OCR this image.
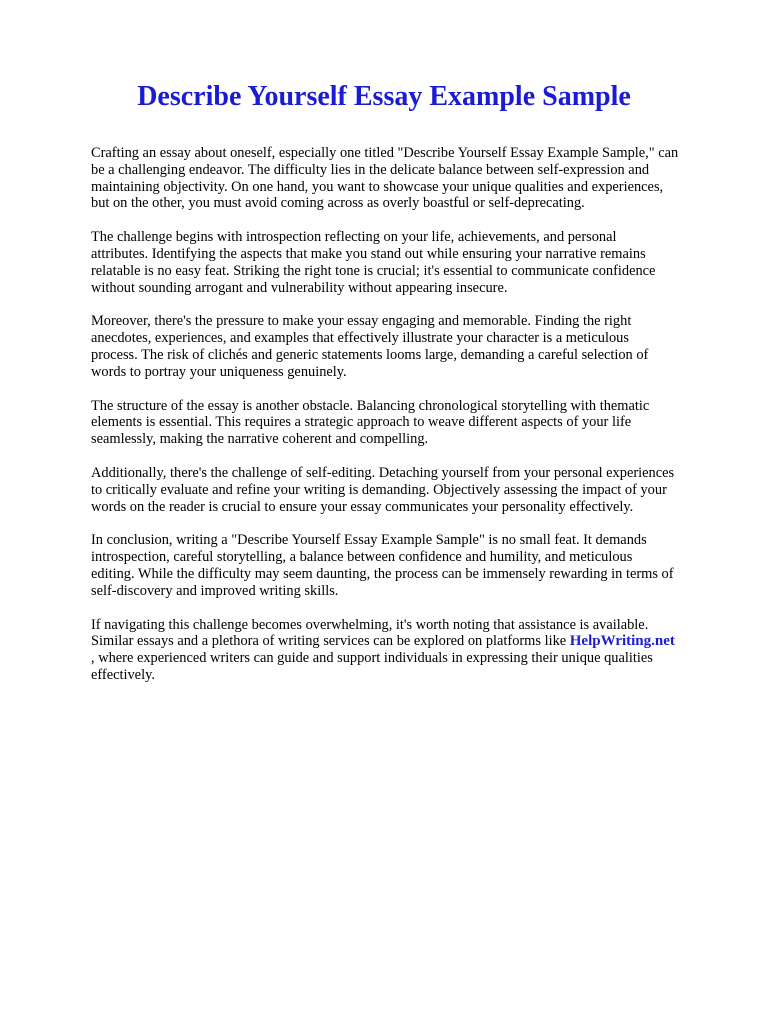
Describe Yourself Essay Example Sample

Crafting an essay about oneself, especially one titled "Describe Yourself Essay Example Sample," can
be a challenging endeavor. The difficulty lies in the delicate balance between self-expression and
maintaining objectivity. On one hand, you want to showcase your unique qualities and experiences,
but on the other, you must avoid coming across as overly boastful or self-deprecating.

The challenge begins with introspection reflecting on your life, achievements, and personal
attributes. Identifying the aspects that make you stand out while ensuring your narrative remains
relatable is no easy feat. Striking the right tone is crucial; it's essential to communicate confidence
without sounding arrogant and vulnerability without appearing insecure.

Moreover, there's the pressure to make your essay engaging and memorable. Finding the right
anecdotes, experiences, and examples that effectively illustrate your character is a meticulous
process. The risk of clichés and generic statements looms large, demanding a careful selection of
words to portray your uniqueness genuinely.

The structure of the essay is another obstacle. Balancing chronological storytelling with thematic
elements is essential. This requires a strategic approach to weave different aspects of your life
seamlessly, making the narrative coherent and compelling.

Additionally, there's the challenge of self-editing. Detaching yourself from your personal experiences
to critically evaluate and refine your writing is demanding. Objectively assessing the impact of your
words on the reader is crucial to ensure your essay communicates your personality effectively.

In conclusion, writing a "Describe Yourself Essay Example Sample" is no small feat. It demands
introspection, careful storytelling, a balance between confidence and humility, and meticulous
editing. While the difficulty may seem daunting, the process can be immensely rewarding in terms of
self-discovery and improved writing skills.

If navigating this challenge becomes overwhelming, it's worth noting that assistance is available.
Similar essays and a plethora of writing services can be explored on platforms like HelpWriting.net
, where experienced writers can guide and support individuals in expressing their unique qualities
effectively.
